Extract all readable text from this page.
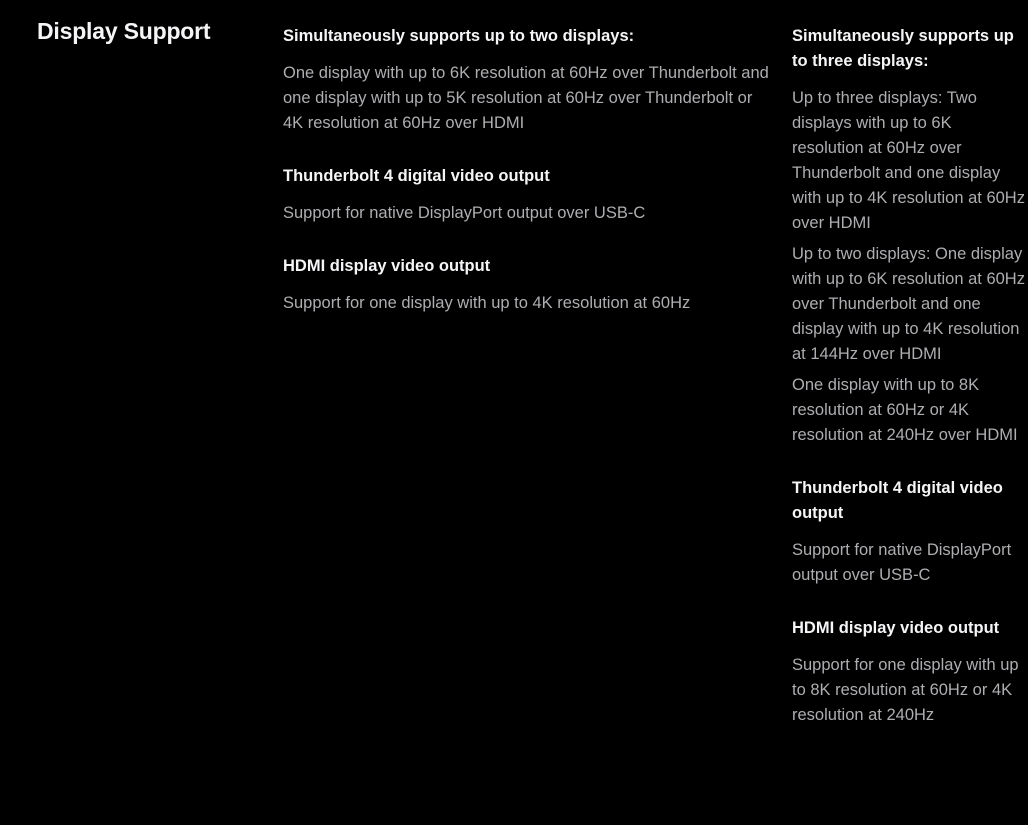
Display Support	Simultaneously supports up to two displays:

One display with up to 6K resolution at 60Hz over Thunderbolt and one display with up to 5K resolution at 60Hz over Thunderbolt or 4K resolution at 60Hz over HDMI

Thunderbolt 4 digital video output

Support for native DisplayPort output over USB-C

HDMI display video output

Support for one display with up to 4K resolution at 60Hz

Simultaneously supports up to three displays:

Up to three displays: Two displays with up to 6K resolution at 60Hz over Thunderbolt and one display with up to 4K resolution at 60Hz over HDMI

Up to two displays: One display with up to 6K resolution at 60Hz over Thunderbolt and one display with up to 4K resolution at 144Hz over HDMI

One display with up to 8K resolution at 60Hz or 4K resolution at 240Hz over HDMI

Thunderbolt 4 digital video output

Support for native DisplayPort output over USB-C

HDMI display video output

Support for one display with up to 8K resolution at 60Hz or 4K resolution at 240Hz
